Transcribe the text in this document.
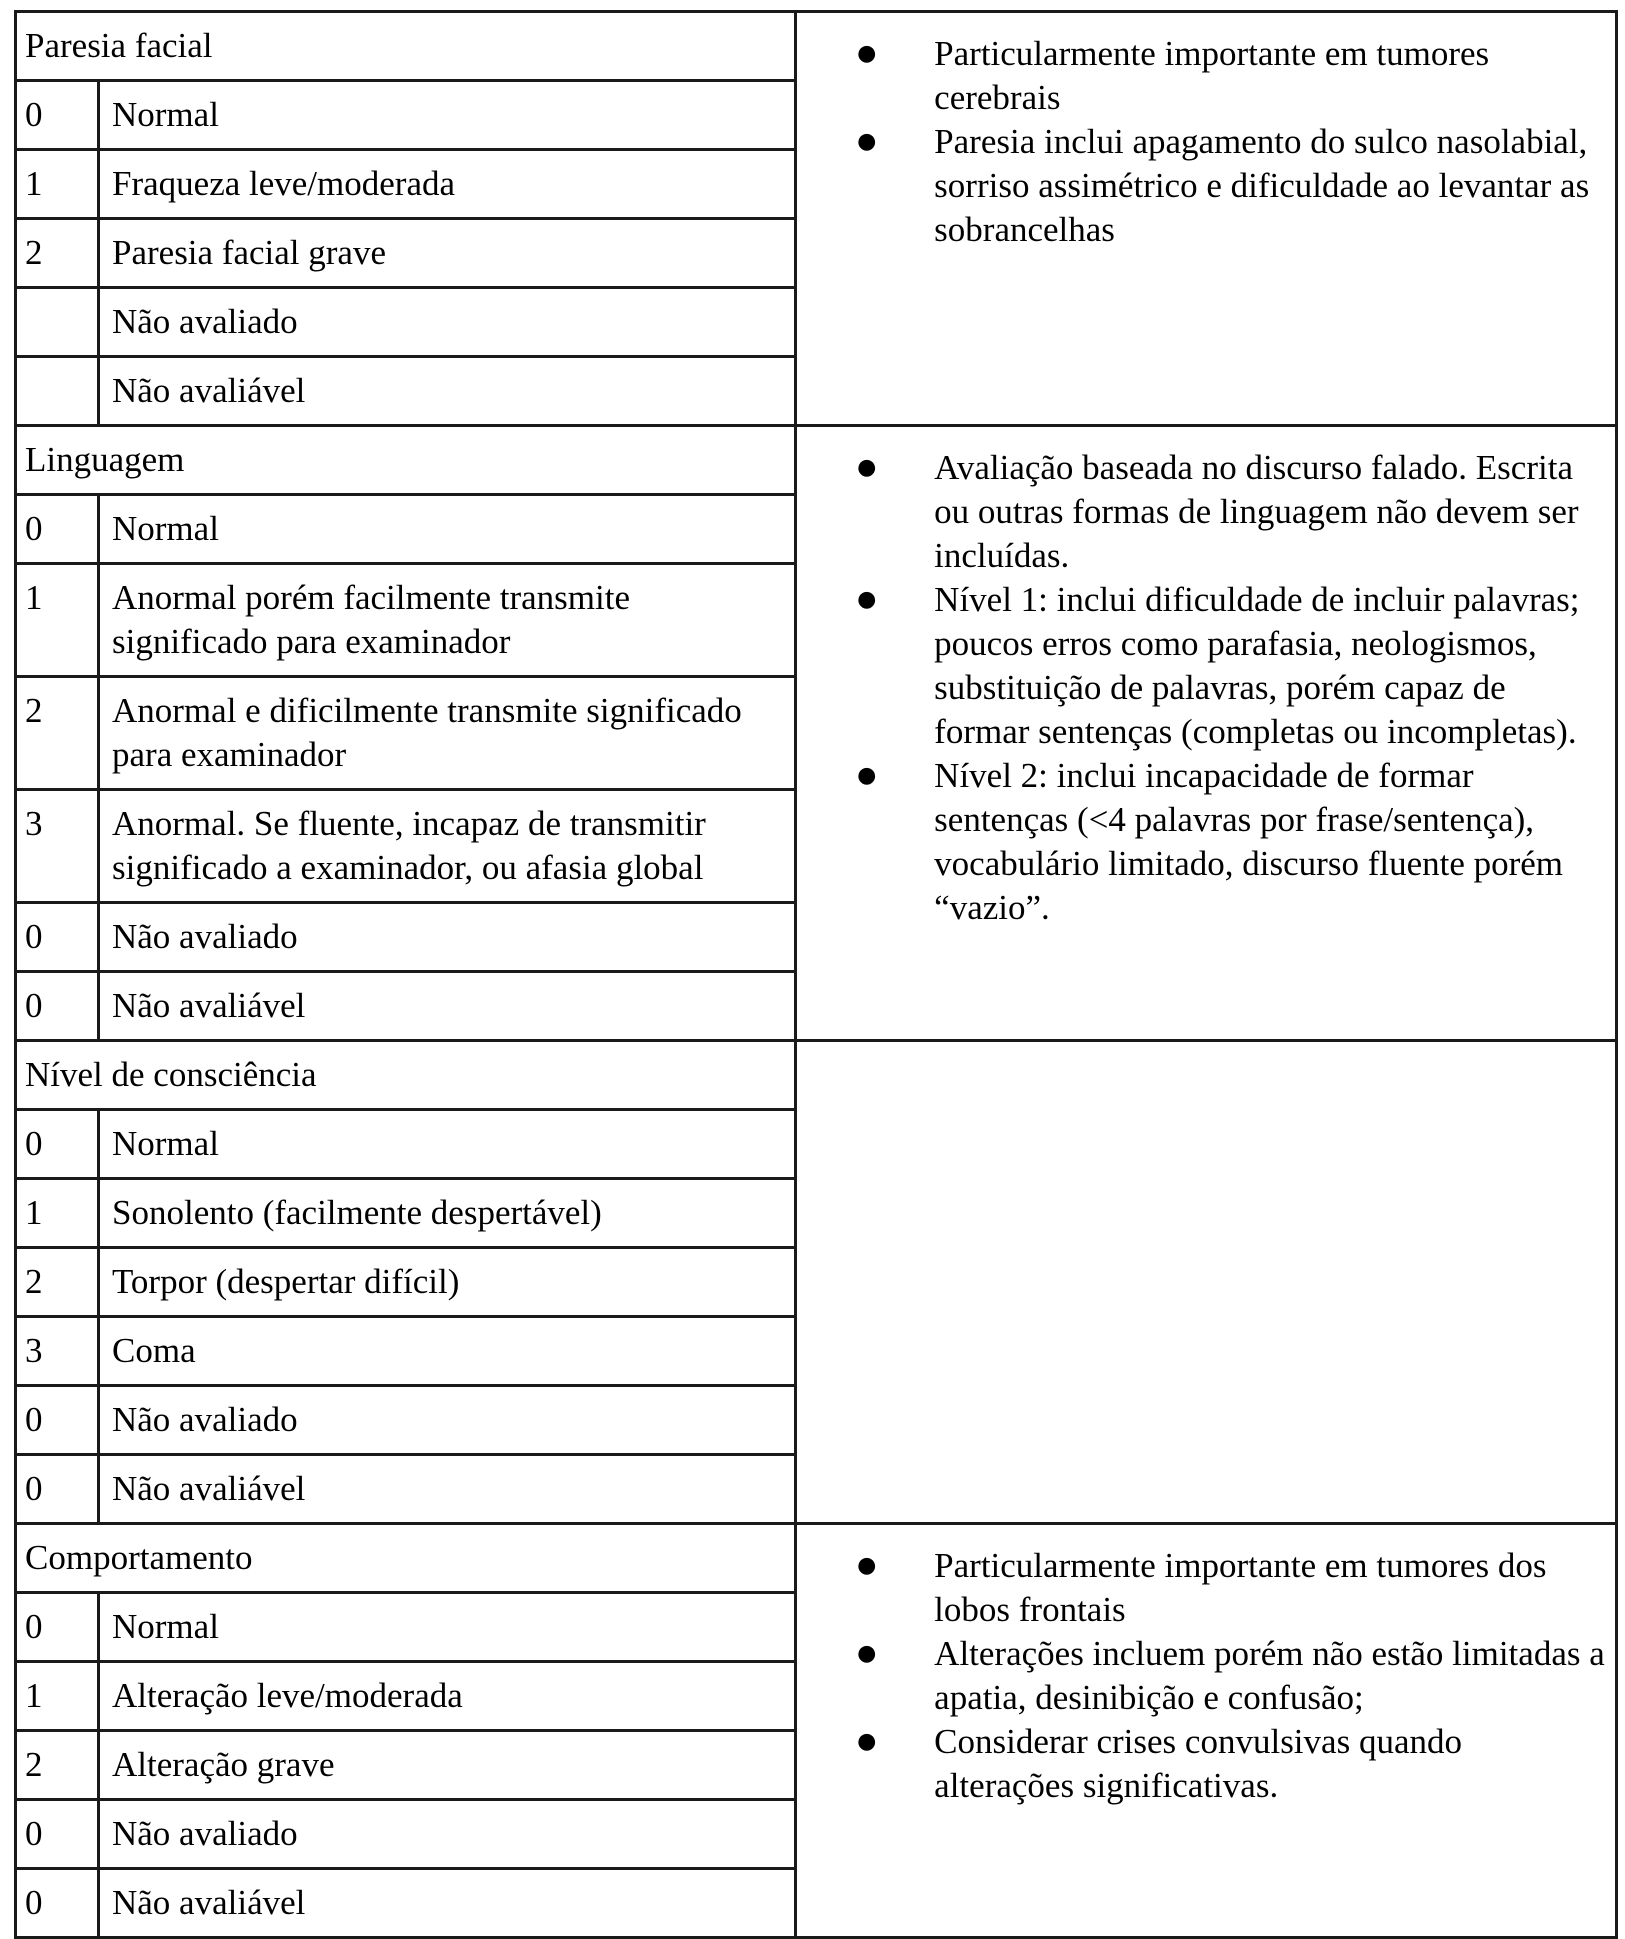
Paresia facial
0	Normal
1	Fraqueza leve/moderada
2	Paresia facial grave
	Não avaliado
	Não avaliável

● Particularmente importante em tumores cerebrais
● Paresia inclui apagamento do sulco nasolabial, sorriso assimétrico e dificuldade ao levantar as sobrancelhas

Linguagem
0	Normal
1	Anormal porém facilmente transmite significado para examinador
2	Anormal e dificilmente transmite significado para examinador
3	Anormal. Se fluente, incapaz de transmitir significado a examinador, ou afasia global
0	Não avaliado
0	Não avaliável

● Avaliação baseada no discurso falado. Escrita ou outras formas de linguagem não devem ser incluídas.
● Nível 1: inclui dificuldade de incluir palavras; poucos erros como parafasia, neologismos, substituição de palavras, porém capaz de formar sentenças (completas ou incompletas).
● Nível 2: inclui incapacidade de formar sentenças (<4 palavras por frase/sentença), vocabulário limitado, discurso fluente porém “vazio”.

Nível de consciência
0	Normal
1	Sonolento (facilmente despertável)
2	Torpor (despertar difícil)
3	Coma
0	Não avaliado
0	Não avaliável

Comportamento
0	Normal
1	Alteração leve/moderada
2	Alteração grave
0	Não avaliado
0	Não avaliável

● Particularmente importante em tumores dos lobos frontais
● Alterações incluem porém não estão limitadas a apatia, desinibição e confusão;
● Considerar crises convulsivas quando alterações significativas.
